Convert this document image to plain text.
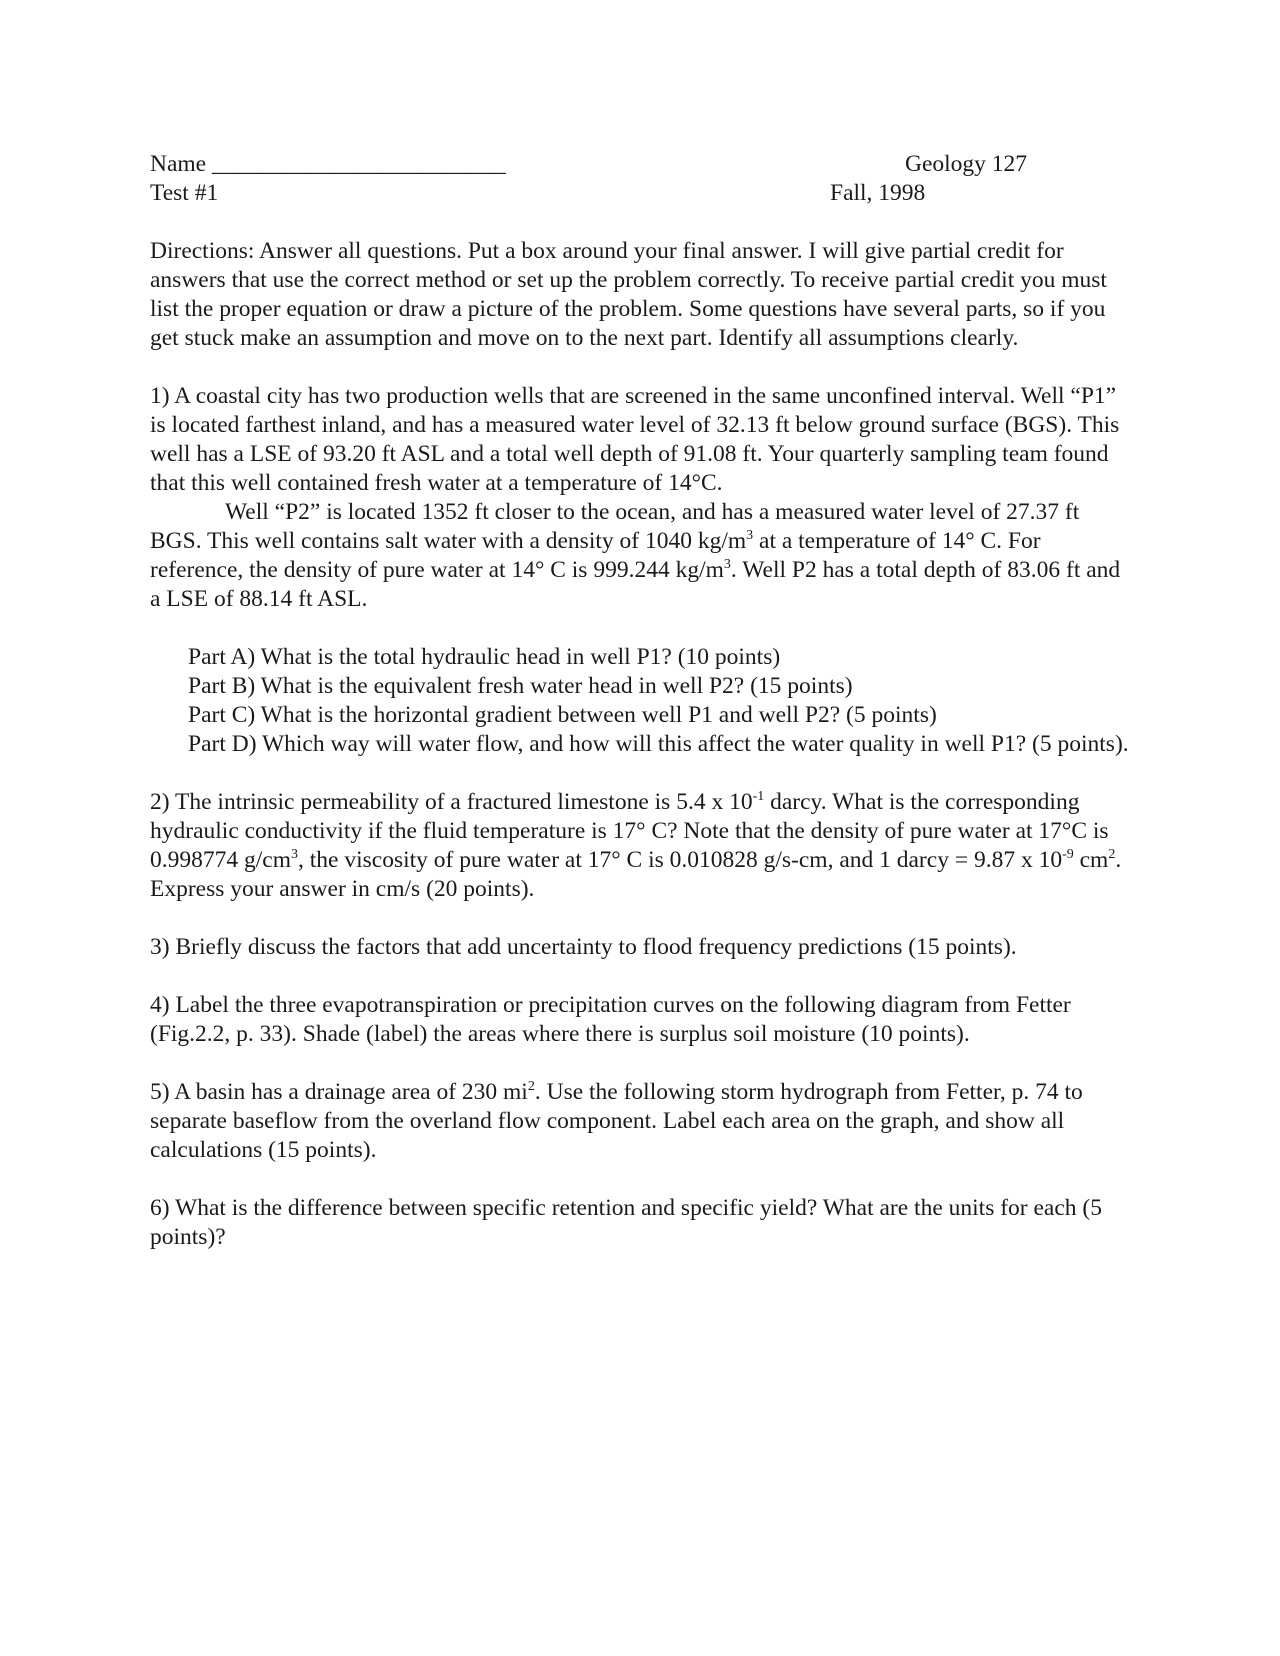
Name _________________________	Geology 127
Test #1	Fall, 1998

Directions: Answer all questions. Put a box around your final answer. I will give partial credit for answers that use the correct method or set up the problem correctly. To receive partial credit you must list the proper equation or draw a picture of the problem. Some questions have several parts, so if you get stuck make an assumption and move on to the next part. Identify all assumptions clearly.

1) A coastal city has two production wells that are screened in the same unconfined interval. Well “P1” is located farthest inland, and has a measured water level of 32.13 ft below ground surface (BGS). This well has a LSE of 93.20 ft ASL and a total well depth of 91.08 ft. Your quarterly sampling team found that this well contained fresh water at a temperature of 14°C.

Well “P2” is located 1352 ft closer to the ocean, and has a measured water level of 27.37 ft BGS. This well contains salt water with a density of 1040 $kg/m^3$ at a temperature of 14° C. For reference, the density of pure water at 14° C is 999.244 $kg/m^3$. Well P2 has a total depth of 83.06 ft and a LSE of 88.14 ft ASL.

Part A) What is the total hydraulic head in well P1? (10 points)

Part B) What is the equivalent fresh water head in well P2? (15 points)

Part C) What is the horizontal gradient between well P1 and well P2? (5 points)

Part D) Which way will water flow, and how will this affect the water quality in well P1? (5 points).

2) The intrinsic permeability of a fractured limestone is 5.4 x $10^{-1}$ darcy. What is the corresponding hydraulic conductivity if the fluid temperature is 17° C? Note that the density of pure water at 17°C is 0.998774 $g/cm^3$, the viscosity of pure water at 17° C is 0.010828 g/s-cm, and 1 darcy = 9.87 x $10^{-9}$ $cm^2$. Express your answer in cm/s (20 points).

3) Briefly discuss the factors that add uncertainty to flood frequency predictions (15 points).

4) Label the three evapotranspiration or precipitation curves on the following diagram from Fetter (Fig.2.2, p. 33). Shade (label) the areas where there is surplus soil moisture (10 points).

5) A basin has a drainage area of 230 $mi^2$. Use the following storm hydrograph from Fetter, p. 74 to separate baseflow from the overland flow component. Label each area on the graph, and show all calculations (15 points).

6) What is the difference between specific retention and specific yield? What are the units for each (5 points)?
